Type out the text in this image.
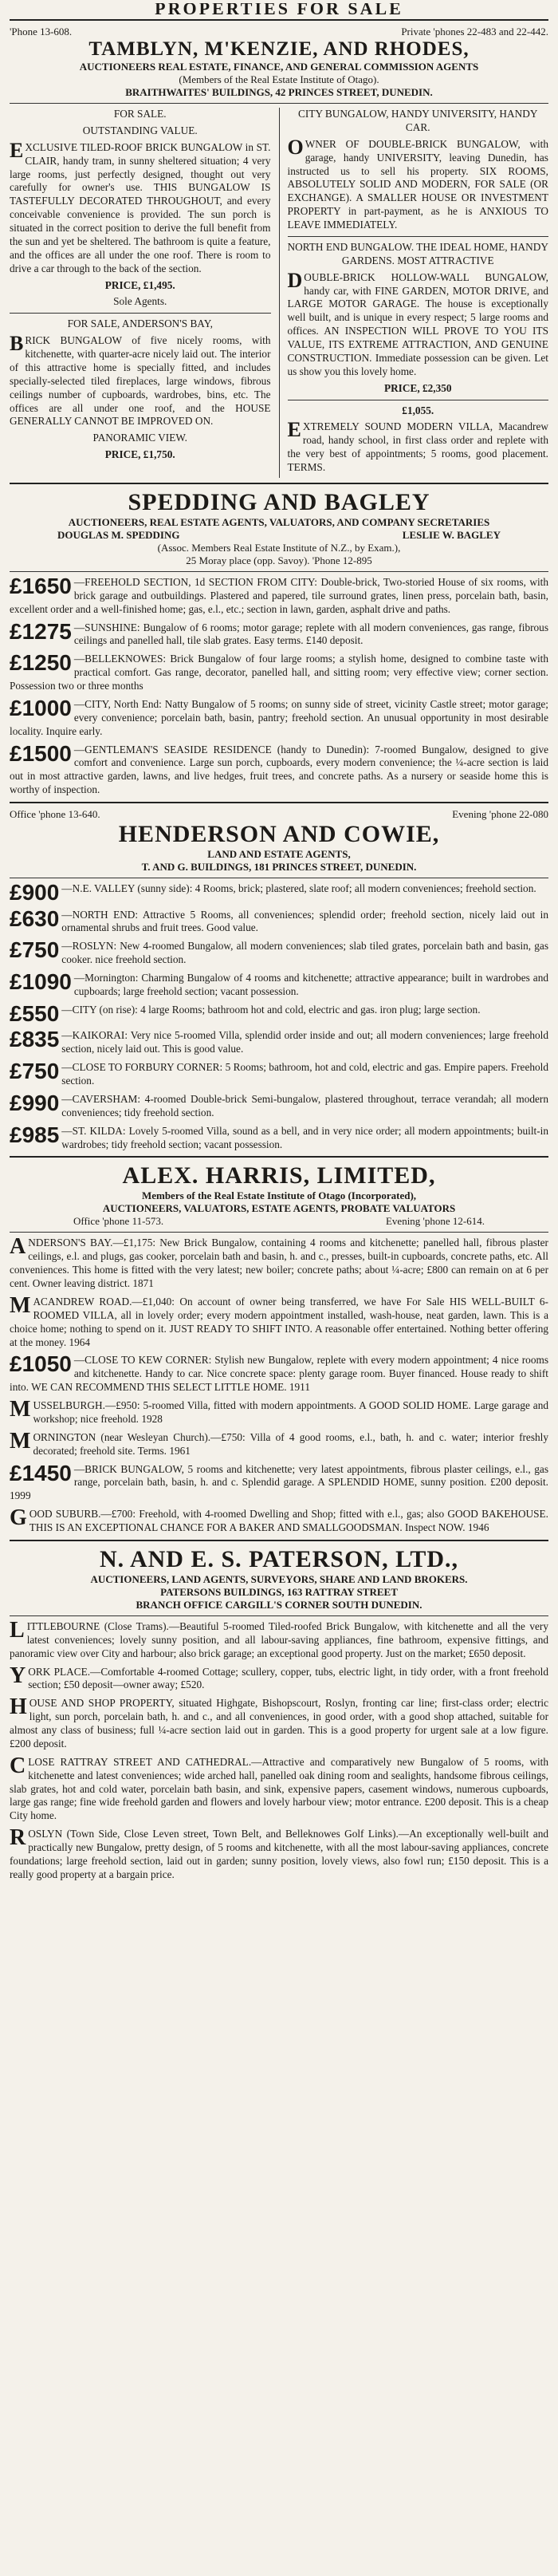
PROPERTIES FOR SALE
'Phone 13-608.	Private 'phones 22-483 and 22-442.
TAMBLYN, M'KENZIE, AND RHODES,
AUCTIONEERS REAL ESTATE, FINANCE, AND GENERAL COMMISSION AGENTS
(Members of the Real Estate Institute of Otago).
BRAITHWAITES' BUILDINGS, 42 PRINCES STREET, DUNEDIN.

FOR SALE.

OUTSTANDING VALUE.

EXCLUSIVE TILED-ROOF BRICK BUNGALOW in ST. CLAIR, handy tram, in sunny sheltered situation; 4 very large rooms, just perfectly designed, thought out very carefully for owner's use. THIS BUNGALOW IS TASTEFULLY DECORATED THROUGHOUT, and every conceivable convenience is provided. The sun porch is situated in the correct position to derive the full benefit from the sun and yet be sheltered. The bathroom is quite a feature, and the offices are all under the one roof. There is room to drive a car through to the back of the section.

PRICE, £1,495.

Sole Agents.

FOR SALE, ANDERSON'S BAY,

BRICK BUNGALOW of five nicely rooms, with kitchenette, with quarter-acre nicely laid out. The interior of this attractive home is specially fitted, and includes specially-selected tiled fireplaces, large windows, fibrous ceilings number of cupboards, wardrobes, bins, etc. The offices are all under one roof, and the HOUSE GENERALLY CANNOT BE IMPROVED ON.

PANORAMIC VIEW.

PRICE, £1,750.

CITY BUNGALOW, HANDY UNIVERSITY, HANDY CAR.

OWNER OF DOUBLE-BRICK BUNGALOW, with garage, handy UNIVERSITY, leaving Dunedin, has instructed us to sell his property. SIX ROOMS, ABSOLUTELY SOLID AND MODERN, FOR SALE (OR EXCHANGE). A SMALLER HOUSE OR INVESTMENT PROPERTY in part-payment, as he is ANXIOUS TO LEAVE IMMEDIATELY.

NORTH END BUNGALOW. THE IDEAL HOME, HANDY GARDENS. MOST ATTRACTIVE

DOUBLE-BRICK HOLLOW-WALL BUNGALOW, handy car, with FINE GARDEN, MOTOR DRIVE, and LARGE MOTOR GARAGE. The house is exceptionally well built, and is unique in every respect; 5 large rooms and offices. AN INSPECTION WILL PROVE TO YOU ITS VALUE, ITS EXTREME ATTRACTION, AND GENUINE CONSTRUCTION. Immediate possession can be given. Let us show you this lovely home.

PRICE, £2,350

£1,055.

EXTREMELY SOUND MODERN VILLA, Macandrew road, handy school, in first class order and replete with the very best of appointments; 5 rooms, good placement. TERMS.

SPEDDING AND BAGLEY
AUCTIONEERS, REAL ESTATE AGENTS, VALUATORS, AND COMPANY SECRETARIES
DOUGLAS M. SPEDDING	LESLIE W. BAGLEY
(Assoc. Members Real Estate Institute of N.Z., by Exam.),
25 Moray place (opp. Savoy). 'Phone 12-895
£1650 —FREEHOLD SECTION, 1d SECTION FROM CITY: Double-brick, Two-storied House of six rooms, with brick garage and outbuildings. Plastered and papered, tile surround grates, linen press, porcelain bath, basin, excellent order and a well-finished home; gas, e.l., etc.; section in lawn, garden, asphalt drive and paths.
£1275 —SUNSHINE: Bungalow of 6 rooms; motor garage; replete with all modern conveniences, gas range, fibrous ceilings and panelled hall, tile slab grates. Easy terms. £140 deposit.
£1250 —BELLEKNOWES: Brick Bungalow of four large rooms; a stylish home, designed to combine taste with practical comfort. Gas range, decorator, panelled hall, and sitting room; very effective view; corner section. Possession two or three months
£1000 —CITY, North End: Natty Bungalow of 5 rooms; on sunny side of street, vicinity Castle street; motor garage; every convenience; porcelain bath, basin, pantry; freehold section. An unusual opportunity in most desirable locality. Inquire early.
£1500 —GENTLEMAN'S SEASIDE RESIDENCE (handy to Dunedin): 7-roomed Bungalow, designed to give comfort and convenience. Large sun porch, cupboards, every modern convenience; the ¼-acre section is laid out in most attractive garden, lawns, and live hedges, fruit trees, and concrete paths. As a nursery or seaside home this is worthy of inspection.
Office 'phone 13-640.	Evening 'phone 22-080
HENDERSON AND COWIE,
LAND AND ESTATE AGENTS,
T. AND G. BUILDINGS, 181 PRINCES STREET, DUNEDIN.
£900 —N.E. VALLEY (sunny side): 4 Rooms, brick; plastered, slate roof; all modern conveniences; freehold section.
£630 —NORTH END: Attractive 5 Rooms, all conveniences; splendid order; freehold section, nicely laid out in ornamental shrubs and fruit trees. Good value.
£750 —ROSLYN: New 4-roomed Bungalow, all modern conveniences; slab tiled grates, porcelain bath and basin, gas cooker. nice freehold section.
£1090 —Mornington: Charming Bungalow of 4 rooms and kitchenette; attractive appearance; built in wardrobes and cupboards; large freehold section; vacant possession.
£550 —CITY (on rise): 4 large Rooms; bathroom hot and cold, electric and gas. iron plug; large section.
£835 —KAIKORAI: Very nice 5-roomed Villa, splendid order inside and out; all modern conveniences; large freehold section, nicely laid out. This is good value.
£750 —CLOSE TO FORBURY CORNER: 5 Rooms; bathroom, hot and cold, electric and gas. Empire papers. Freehold section.
£990 —CAVERSHAM: 4-roomed Double-brick Semi-bungalow, plastered throughout, terrace verandah; all modern conveniences; tidy freehold section.
£985 —ST. KILDA: Lovely 5-roomed Villa, sound as a bell, and in very nice order; all modern appointments; built-in wardrobes; tidy freehold section; vacant possession.
ALEX. HARRIS, LIMITED,
Members of the Real Estate Institute of Otago (Incorporated),
AUCTIONEERS, VALUATORS, ESTATE AGENTS, PROBATE VALUATORS
Office 'phone 11-573.	Evening 'phone 12-614.
ANDERSON'S BAY.—£1,175: New Brick Bungalow, containing 4 rooms and kitchenette; panelled hall, fibrous plaster ceilings, e.l. and plugs, gas cooker, porcelain bath and basin, h. and c., presses, built-in cupboards, concrete paths, etc. All conveniences. This home is fitted with the very latest; new boiler; concrete paths; about ¼-acre; £800 can remain on at 6 per cent. Owner leaving district. 1871
MACANDREW ROAD.—£1,040: On account of owner being transferred, we have For Sale HIS WELL-BUILT 6-ROOMED VILLA, all in lovely order; every modern appointment installed, wash-house, neat garden, lawn. This is a choice home; nothing to spend on it. JUST READY TO SHIFT INTO. A reasonable offer entertained. Nothing better offering at the money. 1964
£1050 —CLOSE TO KEW CORNER: Stylish new Bungalow, replete with every modern appointment; 4 nice rooms and kitchenette. Handy to car. Nice concrete space: plenty garage room. Buyer financed. House ready to shift into. WE CAN RECOMMEND THIS SELECT LITTLE HOME. 1911
MUSSELBURGH.—£950: 5-roomed Villa, fitted with modern appointments. A GOOD SOLID HOME. Large garage and workshop; nice freehold. 1928
MORNINGTON (near Wesleyan Church).—£750: Villa of 4 good rooms, e.l., bath, h. and c. water; interior freshly decorated; freehold site. Terms. 1961
£1450 —BRICK BUNGALOW, 5 rooms and kitchenette; very latest appointments, fibrous plaster ceilings, e.l., gas range, porcelain bath, basin, h. and c. Splendid garage. A SPLENDID HOME, sunny position. £200 deposit. 1999
GOOD SUBURB.—£700: Freehold, with 4-roomed Dwelling and Shop; fitted with e.l., gas; also GOOD BAKEHOUSE. THIS IS AN EXCEPTIONAL CHANCE FOR A BAKER AND SMALLGOODSMAN. Inspect NOW. 1946
N. AND E. S. PATERSON, LTD.,
AUCTIONEERS, LAND AGENTS, SURVEYORS, SHARE AND LAND BROKERS.
PATERSONS BUILDINGS, 163 RATTRAY STREET
BRANCH OFFICE CARGILL'S CORNER SOUTH DUNEDIN.
LITTLEBOURNE (Close Trams).—Beautiful 5-roomed Tiled-roofed Brick Bungalow, with kitchenette and all the very latest conveniences; lovely sunny position, and all labour-saving appliances, fine bathroom, expensive fittings, and panoramic view over City and harbour; also brick garage; an exceptional good property. Just on the market; £650 deposit.
YORK PLACE.—Comfortable 4-roomed Cottage; scullery, copper, tubs, electric light, in tidy order, with a front freehold section; £50 deposit—owner away; £520.
HOUSE AND SHOP PROPERTY, situated Highgate, Bishopscourt, Roslyn, fronting car line; first-class order; electric light, sun porch, porcelain bath, h. and c., and all conveniences, in good order, with a good shop attached, suitable for almost any class of business; full ¼-acre section laid out in garden. This is a good property for urgent sale at a low figure. £200 deposit.
CLOSE RATTRAY STREET AND CATHEDRAL.—Attractive and comparatively new Bungalow of 5 rooms, with kitchenette and latest conveniences; wide arched hall, panelled oak dining room and sealights, handsome fibrous ceilings, slab grates, hot and cold water, porcelain bath basin, and sink, expensive papers, casement windows, numerous cupboards, large gas range; fine wide freehold garden and flowers and lovely harbour view; motor entrance. £200 deposit. This is a cheap City home.
ROSLYN (Town Side, Close Leven street, Town Belt, and Belleknowes Golf Links).—An exceptionally well-built and practically new Bungalow, pretty design, of 5 rooms and kitchenette, with all the most labour-saving appliances, concrete foundations; large freehold section, laid out in garden; sunny position, lovely views, also fowl run; £150 deposit. This is a really good property at a bargain price.
